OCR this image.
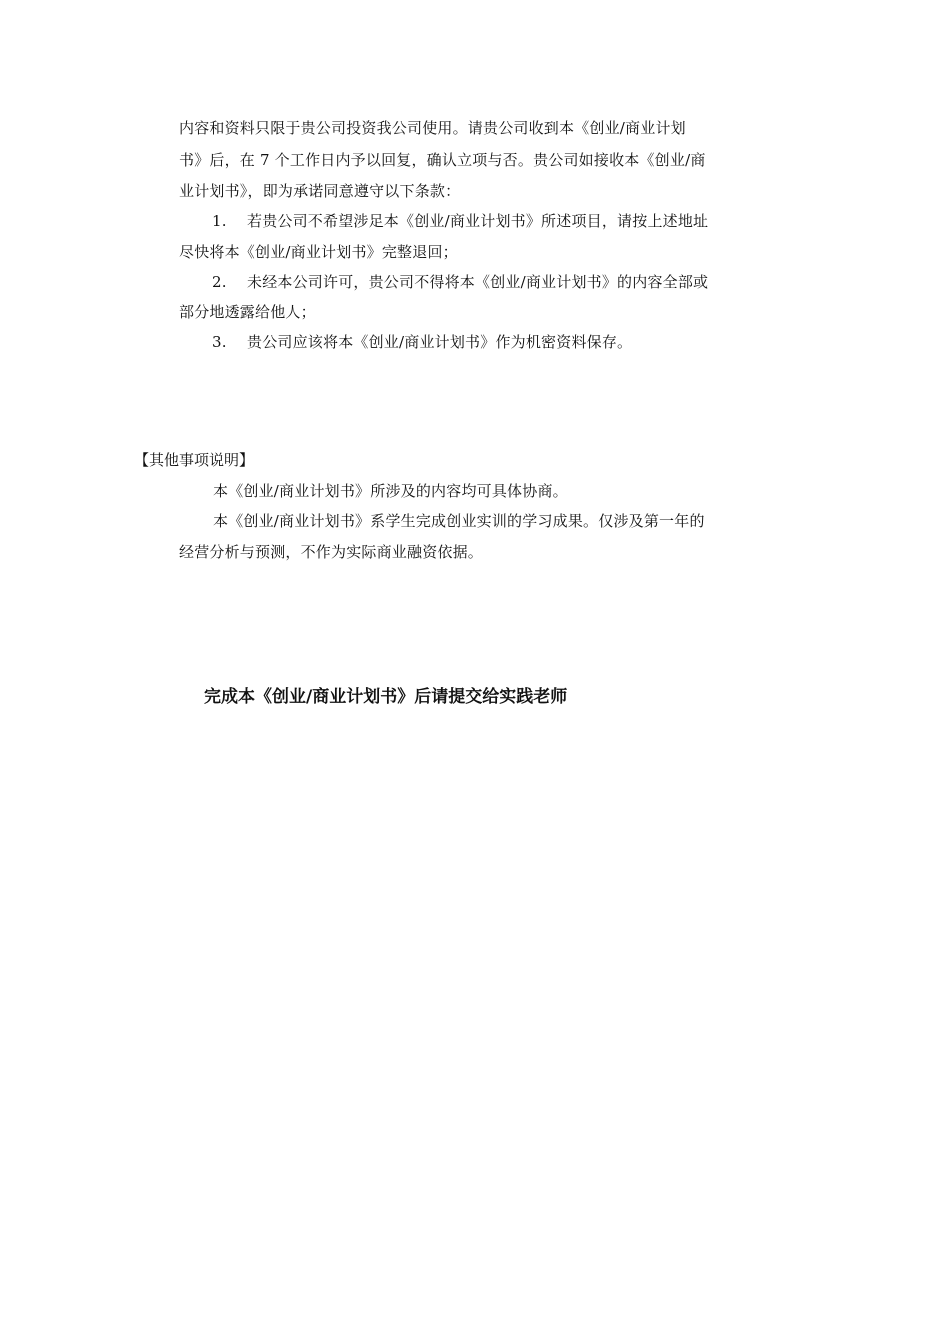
内容和资料只限于贵公司投资我公司使用。请贵公司收到本《创业/商业计划
书》后，在 7 个工作日内予以回复，确认立项与否。贵公司如接收本《创业/商
业计划书》，即为承诺同意遵守以下条款：
1. 若贵公司不希望涉足本《创业/商业计划书》所述项目，请按上述地址
尽快将本《创业/商业计划书》完整退回；
2. 未经本公司许可，贵公司不得将本《创业/商业计划书》的内容全部或
部分地透露给他人；
3. 贵公司应该将本《创业/商业计划书》作为机密资料保存。
【其他事项说明】
本《创业/商业计划书》所涉及的内容均可具体协商。
本《创业/商业计划书》系学生完成创业实训的学习成果。仅涉及第一年的
经营分析与预测，不作为实际商业融资依据。
完成本《创业/商业计划书》后请提交给实践老师
